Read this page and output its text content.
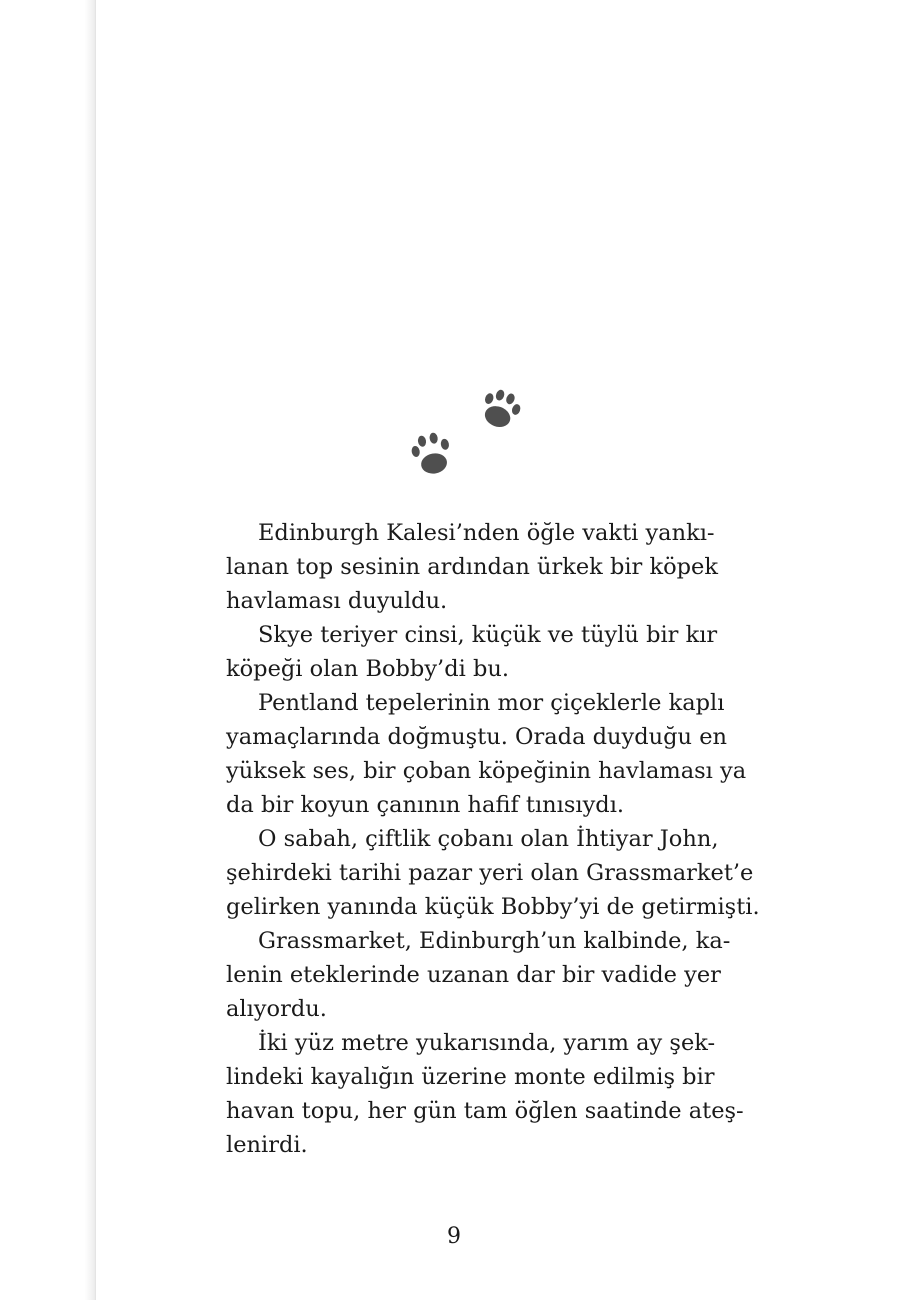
Edinburgh Kalesi’nden öğle vakti yankı-
lanan top sesinin ardından ürkek bir köpek
havlaması duyuldu.

Skye teriyer cinsi, küçük ve tüylü bir kır
köpeği olan Bobby’di bu.

Pentland tepelerinin mor çiçeklerle kaplı
yamaçlarında doğmuştu. Orada duyduğu en
yüksek ses, bir çoban köpeğinin havlaması ya
da bir koyun çanının hafif tınısıydı.

O sabah, çiftlik çobanı olan İhtiyar John,
şehirdeki tarihi pazar yeri olan Grassmarket’e
gelirken yanında küçük Bobby’yi de getirmişti.

Grassmarket, Edinburgh’un kalbinde, ka-
lenin eteklerinde uzanan dar bir vadide yer
alıyordu.

İki yüz metre yukarısında, yarım ay şek-
lindeki kayalığın üzerine monte edilmiş bir
havan topu, her gün tam öğlen saatinde ateş-
lenirdi.

9
